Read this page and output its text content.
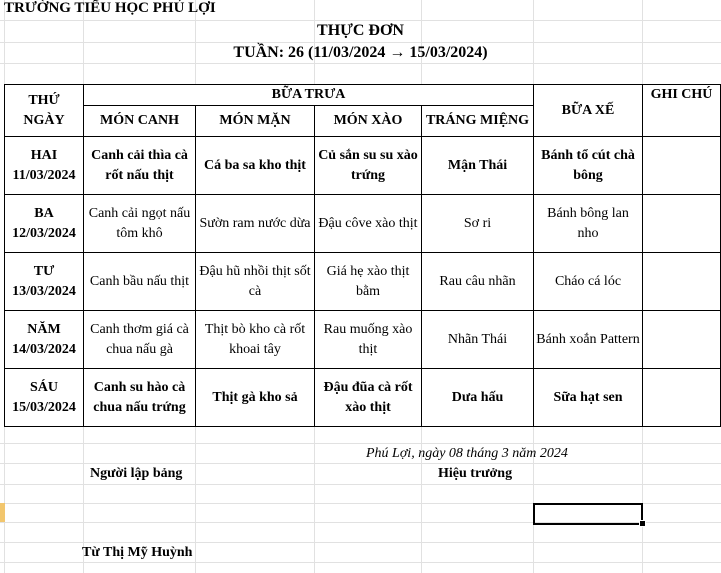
TRƯỜNG TIỂU HỌC PHÚ LỢI
THỰC ĐƠN
TUẦN: 26 (11/03/2024 → 15/03/2024)
THỨ NGÀY	BỮA TRƯA				BỮA XẾ	GHI CHÚ
	MÓN CANH	MÓN MẶN	MÓN XÀO	TRÁNG MIỆNG		

HAI
11/03/2024	Canh cải thìa cà rốt nấu thịt	Cá ba sa kho thịt	Củ sắn su su xào trứng	Mận Thái	Bánh tổ cút chà bông	

BA
12/03/2024	Canh cải ngọt nấu tôm khô	Sườn ram nước dừa	Đậu côve xào thịt	Sơ ri	Bánh bông lan nho	

TƯ
13/03/2024	Canh bầu nấu thịt	Đậu hũ nhồi thịt sốt cà	Giá hẹ xào thịt bằm	Rau câu nhãn	Cháo cá lóc	

NĂM
14/03/2024	Canh thơm giá cà chua nấu gà	Thịt bò kho cà rốt khoai tây	Rau muống xào thịt	Nhãn Thái	Bánh xoắn Pattern	

SÁU
15/03/2024	Canh su hào cà chua nấu trứng	Thịt gà kho sả	Đậu đũa cà rốt xào thịt	Dưa hấu	Sữa hạt sen	
Phú Lợi, ngày 08 tháng 3 năm 2024
Người lập bảng	Hiệu trưởng
Từ Thị Mỹ Huỳnh
